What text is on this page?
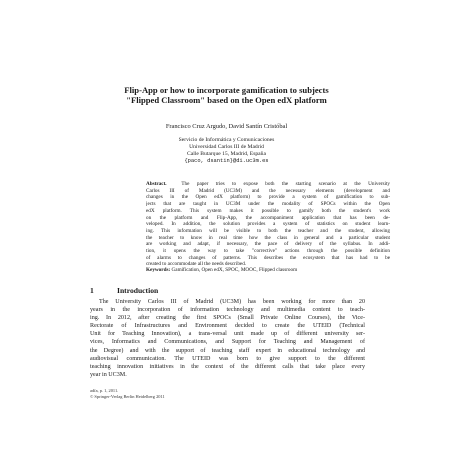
Flip-App or how to incorporate gamification to subjects
"Flipped Classroom" based on the Open edX platform
Francisco Cruz Argudo, David Santín Cristóbal
Servicio de Informática y Comunicaciones
Universidad Carlos III de Madrid
Calle Butarque 15, Madrid, España
{paco, dsantin}@di.uc3m.es
Abstract.	The paper tries to expose both the starting scenario at the University
Carlos III of Madrid (UC3M) and the necessary elements (development and
changes in the Open edX platform) to provide a system of gamification to sub-
jects that are taught in UC3M under the modality of SPOCs within the Open
edX platform. This system makes it possible to gamify both the student's work
on the platform and Flip-App, the accompaniment application that has been de-
veloped. In addition, the solution provides a system of statistics on student learn-
ing. This information will be visible to both the teacher and the student, allowing
the teacher to know in real time how the class in general and a particular student
are working and adapt, if necessary, the pace of delivery of the syllabus. In addi-
tion, it opens the way to take "corrective" actions through the possible definition
of alarms to changes of patterns. This describes the ecosystem that has had to be
created to accommodate all the needs described.
Keywords: Gamification, Open edX, SPOC, MOOC, Flipped classroom
1	Introduction
The University Carlos III of Madrid (UC3M) has been working for more than 20
years in the incorporation of information technology and multimedia content to teach-
ing. In 2012, after creating the first SPOCs (Small Private Online Courses), the Vice-
Rectorate of Infrastructures and Environment decided to create the UTEID (Technical
Unit for Teaching Innovation), a trans-versal unit made up of different university ser-
vices, Informatics and Communications, and Support for Teaching and Management of
the Degree) and with the support of teaching staff expert in educational technology and
audiovisual communication. The UTEID was born to give support to the different
teaching innovation initiatives in the context of the different calls that take place every
year in UC3M.
adfa, p. 1, 2011.
© Springer-Verlag Berlin Heidelberg 2011
